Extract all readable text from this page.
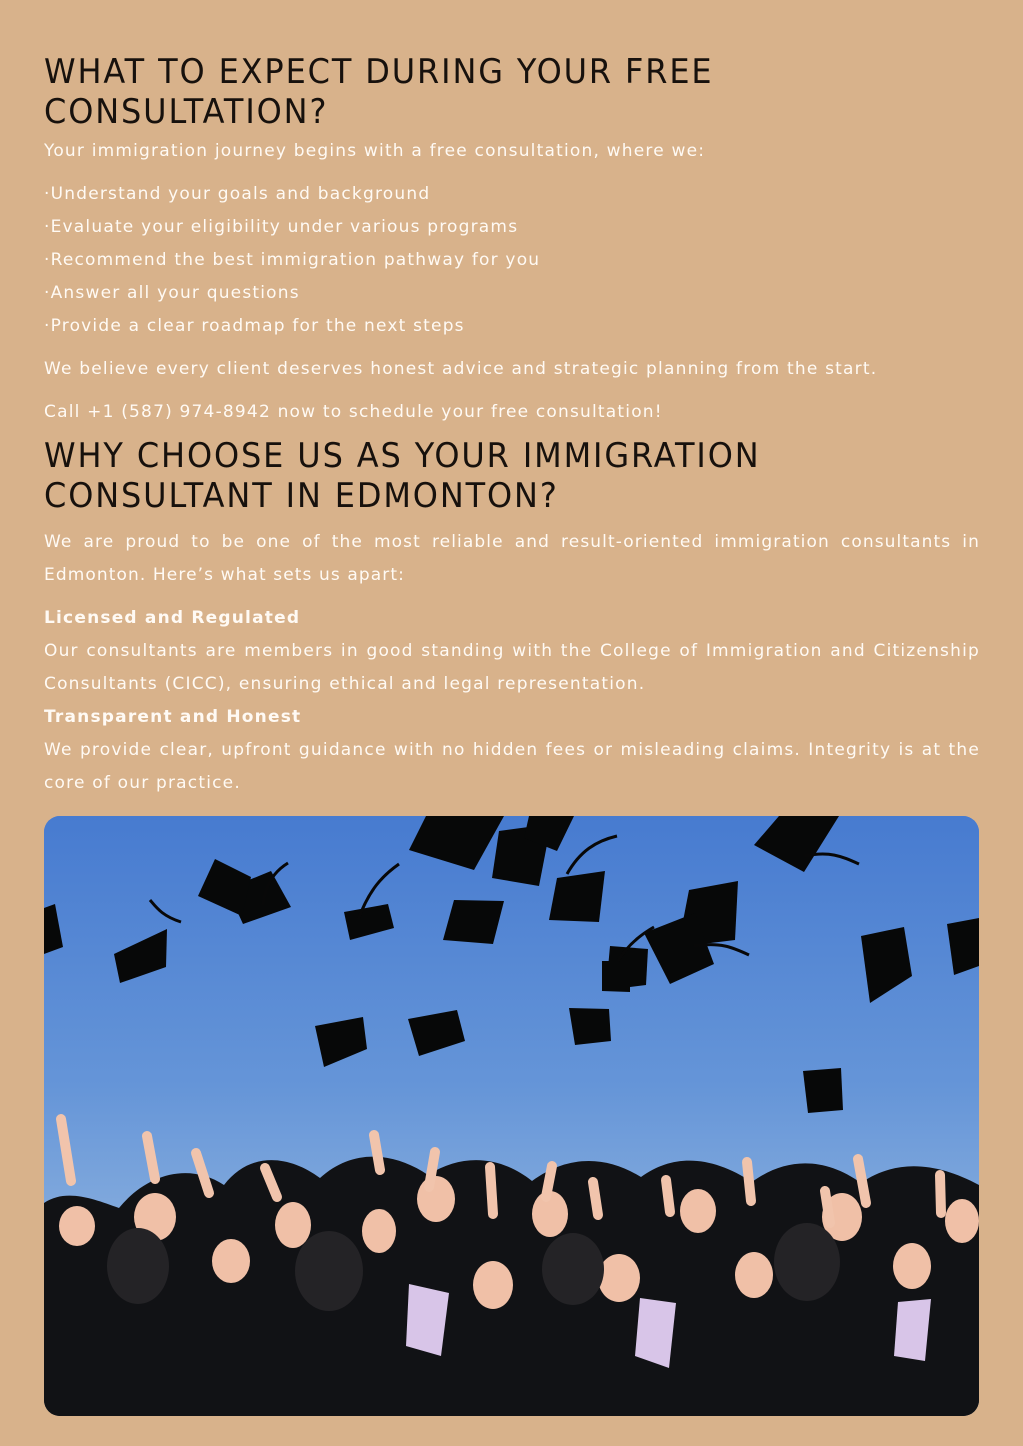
WHAT TO EXPECT DURING YOUR FREE CONSULTATION?

Your immigration journey begins with a free consultation, where we:

·Understand your goals and background
·Evaluate your eligibility under various programs
·Recommend the best immigration pathway for you
·Answer all your questions
·Provide a clear roadmap for the next steps

We believe every client deserves honest advice and strategic planning from the start.

Call +1 (587) 974-8942 now to schedule your free consultation!

WHY CHOOSE US AS YOUR IMMIGRATION CONSULTANT IN EDMONTON?

We are proud to be one of the most reliable and result-oriented immigration consultants in Edmonton. Here’s what sets us apart:

Licensed and Regulated

Our consultants are members in good standing with the College of Immigration and Citizenship Consultants (CICC), ensuring ethical and legal representation.

Transparent and Honest

We provide clear, upfront guidance with no hidden fees or misleading claims. Integrity is at the core of our practice.
